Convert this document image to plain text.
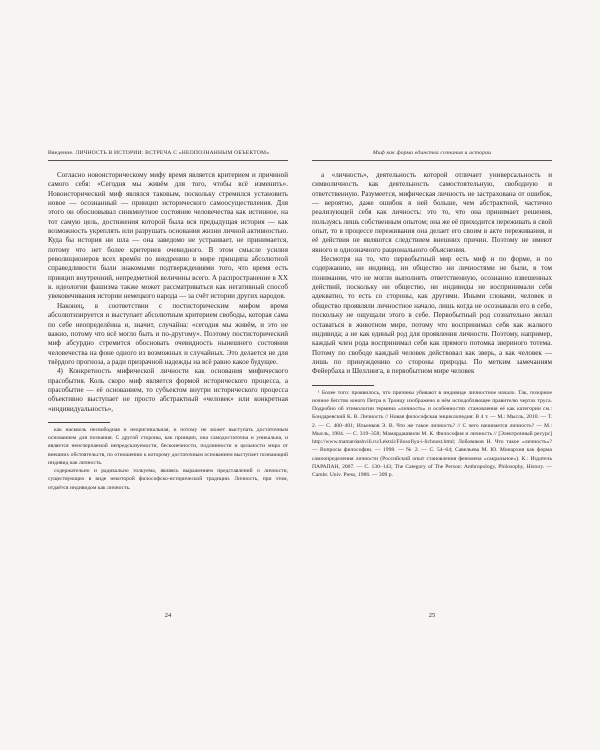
Введение. ЛИЧНОСТЬ В ИСТОРИИ: ВСТРЕЧА С «НЕОПОЗНАННЫМ ОБЪЕКТОМ»

Согласно новоисторическому мифу время является критерием и причиной самого себя: «Сегодня мы живём для того, чтобы всё изменить». Новоисторический миф являлся таковым, поскольку стремился установить новое — осознанный — принцип исторического самоосуществления. Для этого он обосновывал синкмнутное состояние человечества как истинное, на тот самую цель, достижения которой была вся предыдущая история — как возможность укреплять или разрушать основания жизни личной активностью. Куда бы история ни шла — она заведомо не устраивает, не принимается, потому что нет более критериев очевидного. В этом смысле усилия революционеров всех времён по внедрению в мире принципа абсолютной справедливости были знакомыми подтверждениями того, что время есть принцип внутренний, непредметной величины всего. А распространение в XX в. идеологии фашизма также может рассматриваться как негативный способ увековечивания истории немецкого народа — за счёт истории других народов.

Наконец, в соответствии с постисторическим мифом время абсолютизируется и выступает абсолютным критерием свободы, которая сама по себе неопределённа и, значит, случайна: «сегодня мы живём, и это не важно, потому что всё могло быть и по-другому». Поэтому постисторический миф абсурдно стремится обосновать очевидность нынешнего состояния человечества на фоне одного из возможных и случайных. Это делается не для твёрдого прогноза, а ради призрачной надежды на всё равно какое будущее.

4) Конкретность мифической личности как основания мифического прасобытия. Коль скоро миф является формой исторического процесса, а прасобытие — её основанием, то субъектом внутри исторического процесса объективно выступает не просто абстрактный «человек» или конкретная «индивидуальность»,

как насквозь несвободная и неоригинальная, и потому не может выступать достаточным основанием для познания. С другой стороны, как принцип, она самодостаточна и уникальна, и является неисчерпаемой непредсказуемости, бесконечности, подлинности и цельности мира от внешних обстоятельств, по отношению к которому достаточным основанием выступает познающий индивид как личность.

содержательно и радикально толкуема, являясь выражением представлений о личности, существующих в виде некоторой философско-исторической традиции. Личность, при этом, отдаётся индивидом как личность.

24
Миф как форма единства сознания и истории

а «личность», деятельность которой отличает универсальность и символичность как деятельность самостоятельную, свободную и ответственную. Разумеется, мифическая личность не застрахована от ошибок, — вероятно, даже ошибок в ней больше, чем абстрактной, частично реализующей себя как личность: это то, что она принимает решения, пользуясь лишь собственным опытом; она же её приходится переживать в свой опыт, то в процессе переживания она делает его своим в акте переживания, и её действия не являются следствием внешних причин. Поэтому не имеют явного и однозначного рационального объяснения.

Несмотря на то, что первобытный мир есть миф и по форме, и по содержанию, ни индивид, ни общество ни личностями не были, в том понимании, что не могли выполнять ответственную, осознанно взвешенных действий, поскольку ни общество, ни индивиды не воспринимали себя адекватно, то есть со стороны, как другими. Иными словами, человек и общество проявляли личностное начало, лишь когда не осознавали его в себе, поскольку не ощущали этого в себе. Первобытный род сознательно желал оставаться в животном мире, потому что воспринимал себя как жалкого индивида; а не как единый род для проявления личности. Поэтому, например, каждый член рода воспринимал себя как прямого потомка звериного тотема. Потому по свободе каждый человек действовал как зверь, а как человек — лишь по принуждению со стороны природы. По метким замечаниям Фейербаха и Шеллинга, в первобытном мире человек

¹ Более того: проявилось, что причины убивают в индивиде личностное начало. Так, позорное ночное бегство юного Петра в Троицу изображено в нём исподобляющее правителю чертах труса. Подробно об этимологии термина «личность» и особенностях становления её как категории см.: Бондаревский К. В. Личность // Новая философская энциклопедия: В 4 т. — М.: Мысль, 2010. — Т. 2. — С. 400–401; Ильенков Э. В. Что же такое личность? // С чего начинается личность? — М.: Мысль, 1984. — С. 319–358; Мамардашвили М. К. Философия и личность // [Электронный ресурс] http://www.mamardashvili.ru/Lektsii/Filosofiya-i-lichnost.html; Лобовиков Н. Что такое «личность»? — Вопросы философии. — 1998. — № 2. — С. 54–64; Савельева М. Ю. Монархия как форма самоопределения личности (Российский опыт становления феномена «сакральное»). К.: Издатель ПАРАПАН, 2007. — С. 130–143; The Category of The Person: Anthropology, Philosophy, History. — Cambr. Univ. Press, 1986. — 309 p.

25
